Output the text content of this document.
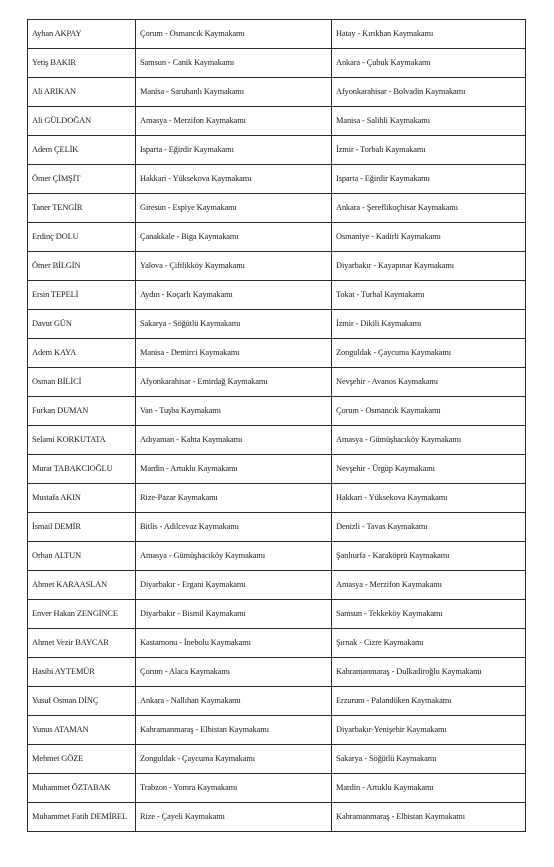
Ayhan AKPAY	Çorum - Osmancık Kaymakamı	Hatay - Kırıkhan Kaymakamı
Yetiş BAKIR	Samsun - Canik Kaymakamı	Ankara - Çubuk Kaymakamı
Ali ARIKAN	Manisa - Saruhanlı Kaymakamı	Afyonkarahisar - Bolvadin Kaymakamı
Ali GÜLDOĞAN	Amasya - Merzifon Kaymakamı	Manisa - Salihli Kaymakamı
Adem ÇELİK	Isparta - Eğirdir Kaymakamı	İzmir - Torbalı Kaymakamı
Ömer ÇİMŞİT	Hakkari - Yüksekova Kaymakamı	Isparta - Eğirdir Kaymakamı
Taner TENGİR	Giresun - Espiye Kaymakamı	Ankara - Şereflikoçhisar Kaymakamı
Erdinç DOLU	Çanakkale - Biga Kaymakamı	Osmaniye - Kadirli Kaymakamı
Ömer BİLGİN	Yalova - Çiftlikköy Kaymakamı	Diyarbakır - Kayapınar Kaymakamı
Ersin TEPELİ	Aydın - Koçarlı Kaymakamı	Tokat - Turhal Kaymakamı
Davut GÜN	Sakarya - Söğütlü Kaymakamı	İzmir - Dikili Kaymakamı
Adem KAYA	Manisa - Demirci Kaymakamı	Zonguldak - Çaycuma Kaymakamı
Osman BİLİCİ	Afyonkarahisar - Emirdağ Kaymakamı	Nevşehir - Avanos Kaymakamı
Furkan DUMAN	Van - Tuşba Kaymakamı	Çorum - Osmancık Kaymakamı
Selami KORKUTATA	Adıyaman - Kahta Kaymakamı	Amasya - Gümüşhacıköy Kaymakamı
Murat TABAKCIOĞLU	Mardin - Artuklu Kaymakamı	Nevşehir - Ürgüp Kaymakamı
Mustafa AKIN	Rize-Pazar Kaymakamı	Hakkari - Yüksekova Kaymakamı
İsmail DEMİR	Bitlis - Adilcevaz Kaymakamı	Denizli - Tavas Kaymakamı
Orhan ALTUN	Amasya - Gümüşhacıköy Kaymakamı	Şanlıurfa - Karaköprü Kaymakamı
Ahmet KARAASLAN	Diyarbakır - Ergani Kaymakamı	Amasya - Merzifon Kaymakamı
Enver Hakan ZENGİNCE	Diyarbakır - Bismil Kaymakamı	Samsun - Tekkeköy Kaymakamı
Ahmet Vezir BAYCAR	Kastamonu - İnebolu Kaymakamı	Şırnak - Cizre Kaymakamı
Hasibi AYTEMÜR	Çorum - Alaca Kaymakamı	Kahramanmaraş - Dulkadiroğlu Kaymakamı
Yusuf Osman DİNÇ	Ankara - Nallıhan Kaymakamı	Erzurum - Palandöken Kaymakamı
Yunus ATAMAN	Kahramanmaraş - Elbistan Kaymakamı	Diyarbakır-Yenişehir Kaymakamı
Mehmet GÖZE	Zonguldak - Çaycuma Kaymakamı	Sakarya - Söğütlü Kaymakamı
Muhammet ÖZTABAK	Trabzon - Yomra Kaymakamı	Mardin - Artuklu Kaymakamı
Muhammet Fatih DEMİREL	Rize - Çayeli Kaymakamı	Kahramanmaraş - Elbistan Kaymakamı
